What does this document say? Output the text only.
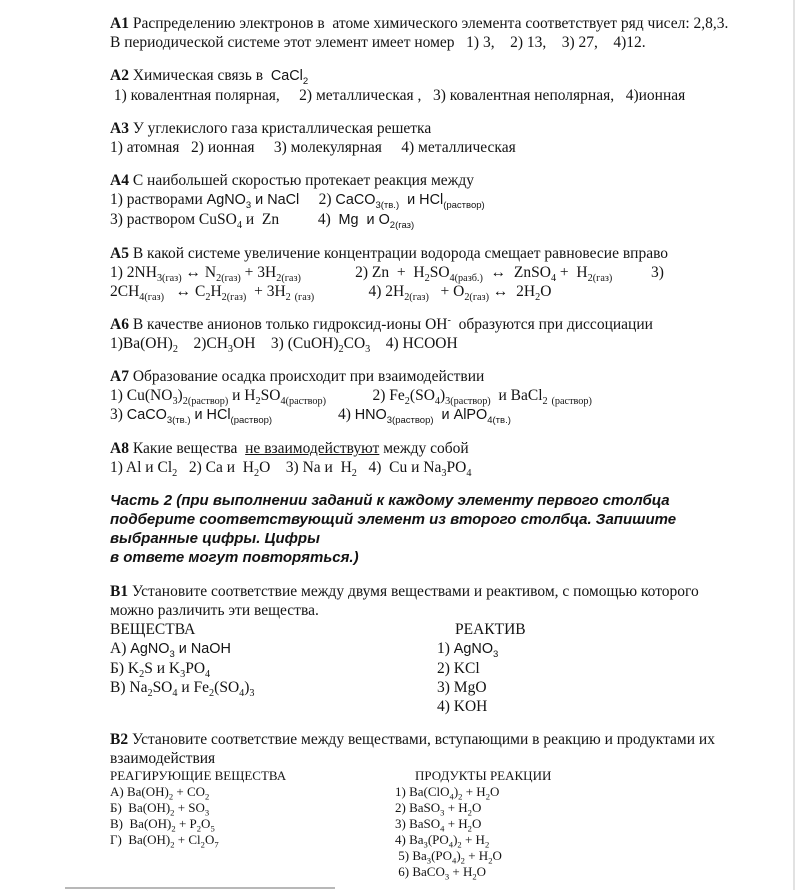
А1 Распределению электронов в  атоме химического элемента соответствует ряд чисел: 2,8,3.
В периодической системе этот элемент имеет номер   1) 3,    2) 13,    3) 27,    4)12.
А2 Химическая связь в  CaCl$_2$
1) ковалентная полярная,     2) металлическая ,   3) ковалентная неполярная,   4)ионная
А3 У углекислого газа кристаллическая решетка
1) атомная   2) ионная     3) молекулярная     4) металлическая
А4 С наибольшей скоростью протекает реакция между
1) растворами AgNO$_3$ и NaCl     2) CaCO$_{3(тв.)}$  и HCl$_{(раствор)}$
3) раствором CuSO$_4$ и  Zn          4)  Mg  и $O_{2(газ)}$
А5 В какой системе увеличение концентрации водорода смещает равновесие вправо
1) $2NH_{3(газ)}$ ↔ $N_{2(газ)} + 3H_{2(газ)}$              2) $Zn + H_2SO_{4(разб.)}$  ↔  ZnSO$_4$ +  $H_{2(газ)}$          3)
$2CH_{4(газ)}$   ↔ $C_2H_{2(газ)} + 3H_2$ $_{(газ)}$              4) $2H_{2(газ)} + O_{2(газ)}$ ↔  $2H_2O$
А6 В качестве анионов только гидроксид-ионы OH-  образуются при диссоциации
$1)Ba(OH)_2$    $2)CH_3OH$    3) $(CuOH)_2CO_3$    4) HCOOH
А7 Образование осадка происходит при взаимодействии
1) $Cu(NO_3)_{2(раствор)}$ и $H_2SO_{4(раствор)}$            2) $Fe_2(SO_4)_{3(раствор)}$  и BaCl$_2$ $_{(раствор)}$
3) CaCO$_{3(тв.)}$ и HCl$_{(раствор)}$                 4) $HNO_{3(раствор)}$  и AlPO$_{4(тв.)}$
А8 Какие вещества  не взаимодействуют между собой
1) Al и $Cl_2$   2) Ca и  $H_2O$    3) Na и  $H_2$   4)  Cu и $Na_3PO_4$
Часть 2 (при выполнении заданий к каждому элементу первого столбца
подберите соответствующий элемент из второго столбца. Запишите
выбранные цифры. Цифры
в ответе могут повторяться.)
В1 Установите соответствие между двумя веществами и реактивом, с помощью которого
можно различить эти вещества.
ВЕЩЕСТВА
А) AgNO$_3$ и NaOH
Б) $K_2S$ и $K_3PO_4$
В) $Na_2SO_4$ и $Fe_2(SO_4)_3$
РЕАКТИВ
1) AgNO$_3$
2) KCl
3) MgO
4) KOH
В2 Установите соответствие между веществами, вступающими в реакцию и продуктами их
взаимодействия
РЕАГИРУЮЩИЕ ВЕЩЕСТВА
А) $Ba(OH)_2 + CO_2$
Б)  $Ba(OH)_2 + SO_3$
В)  $Ba(OH)_2 + P_2O_5$
Г)  $Ba(OH)_2 + Cl_2O_7$
ПРОДУКТЫ РЕАКЦИИ
1) $Ba(ClO_4)_2 + H_2O$
2) BaSO$_3$ + $H_2O$
3) BaSO$_4$ + $H_2O$
4) $Ba_3(PO_4)_2 + H_2$
5) $Ba_3(PO_4)_2 + H_2O$
6) BaCO$_3$ + $H_2O$
